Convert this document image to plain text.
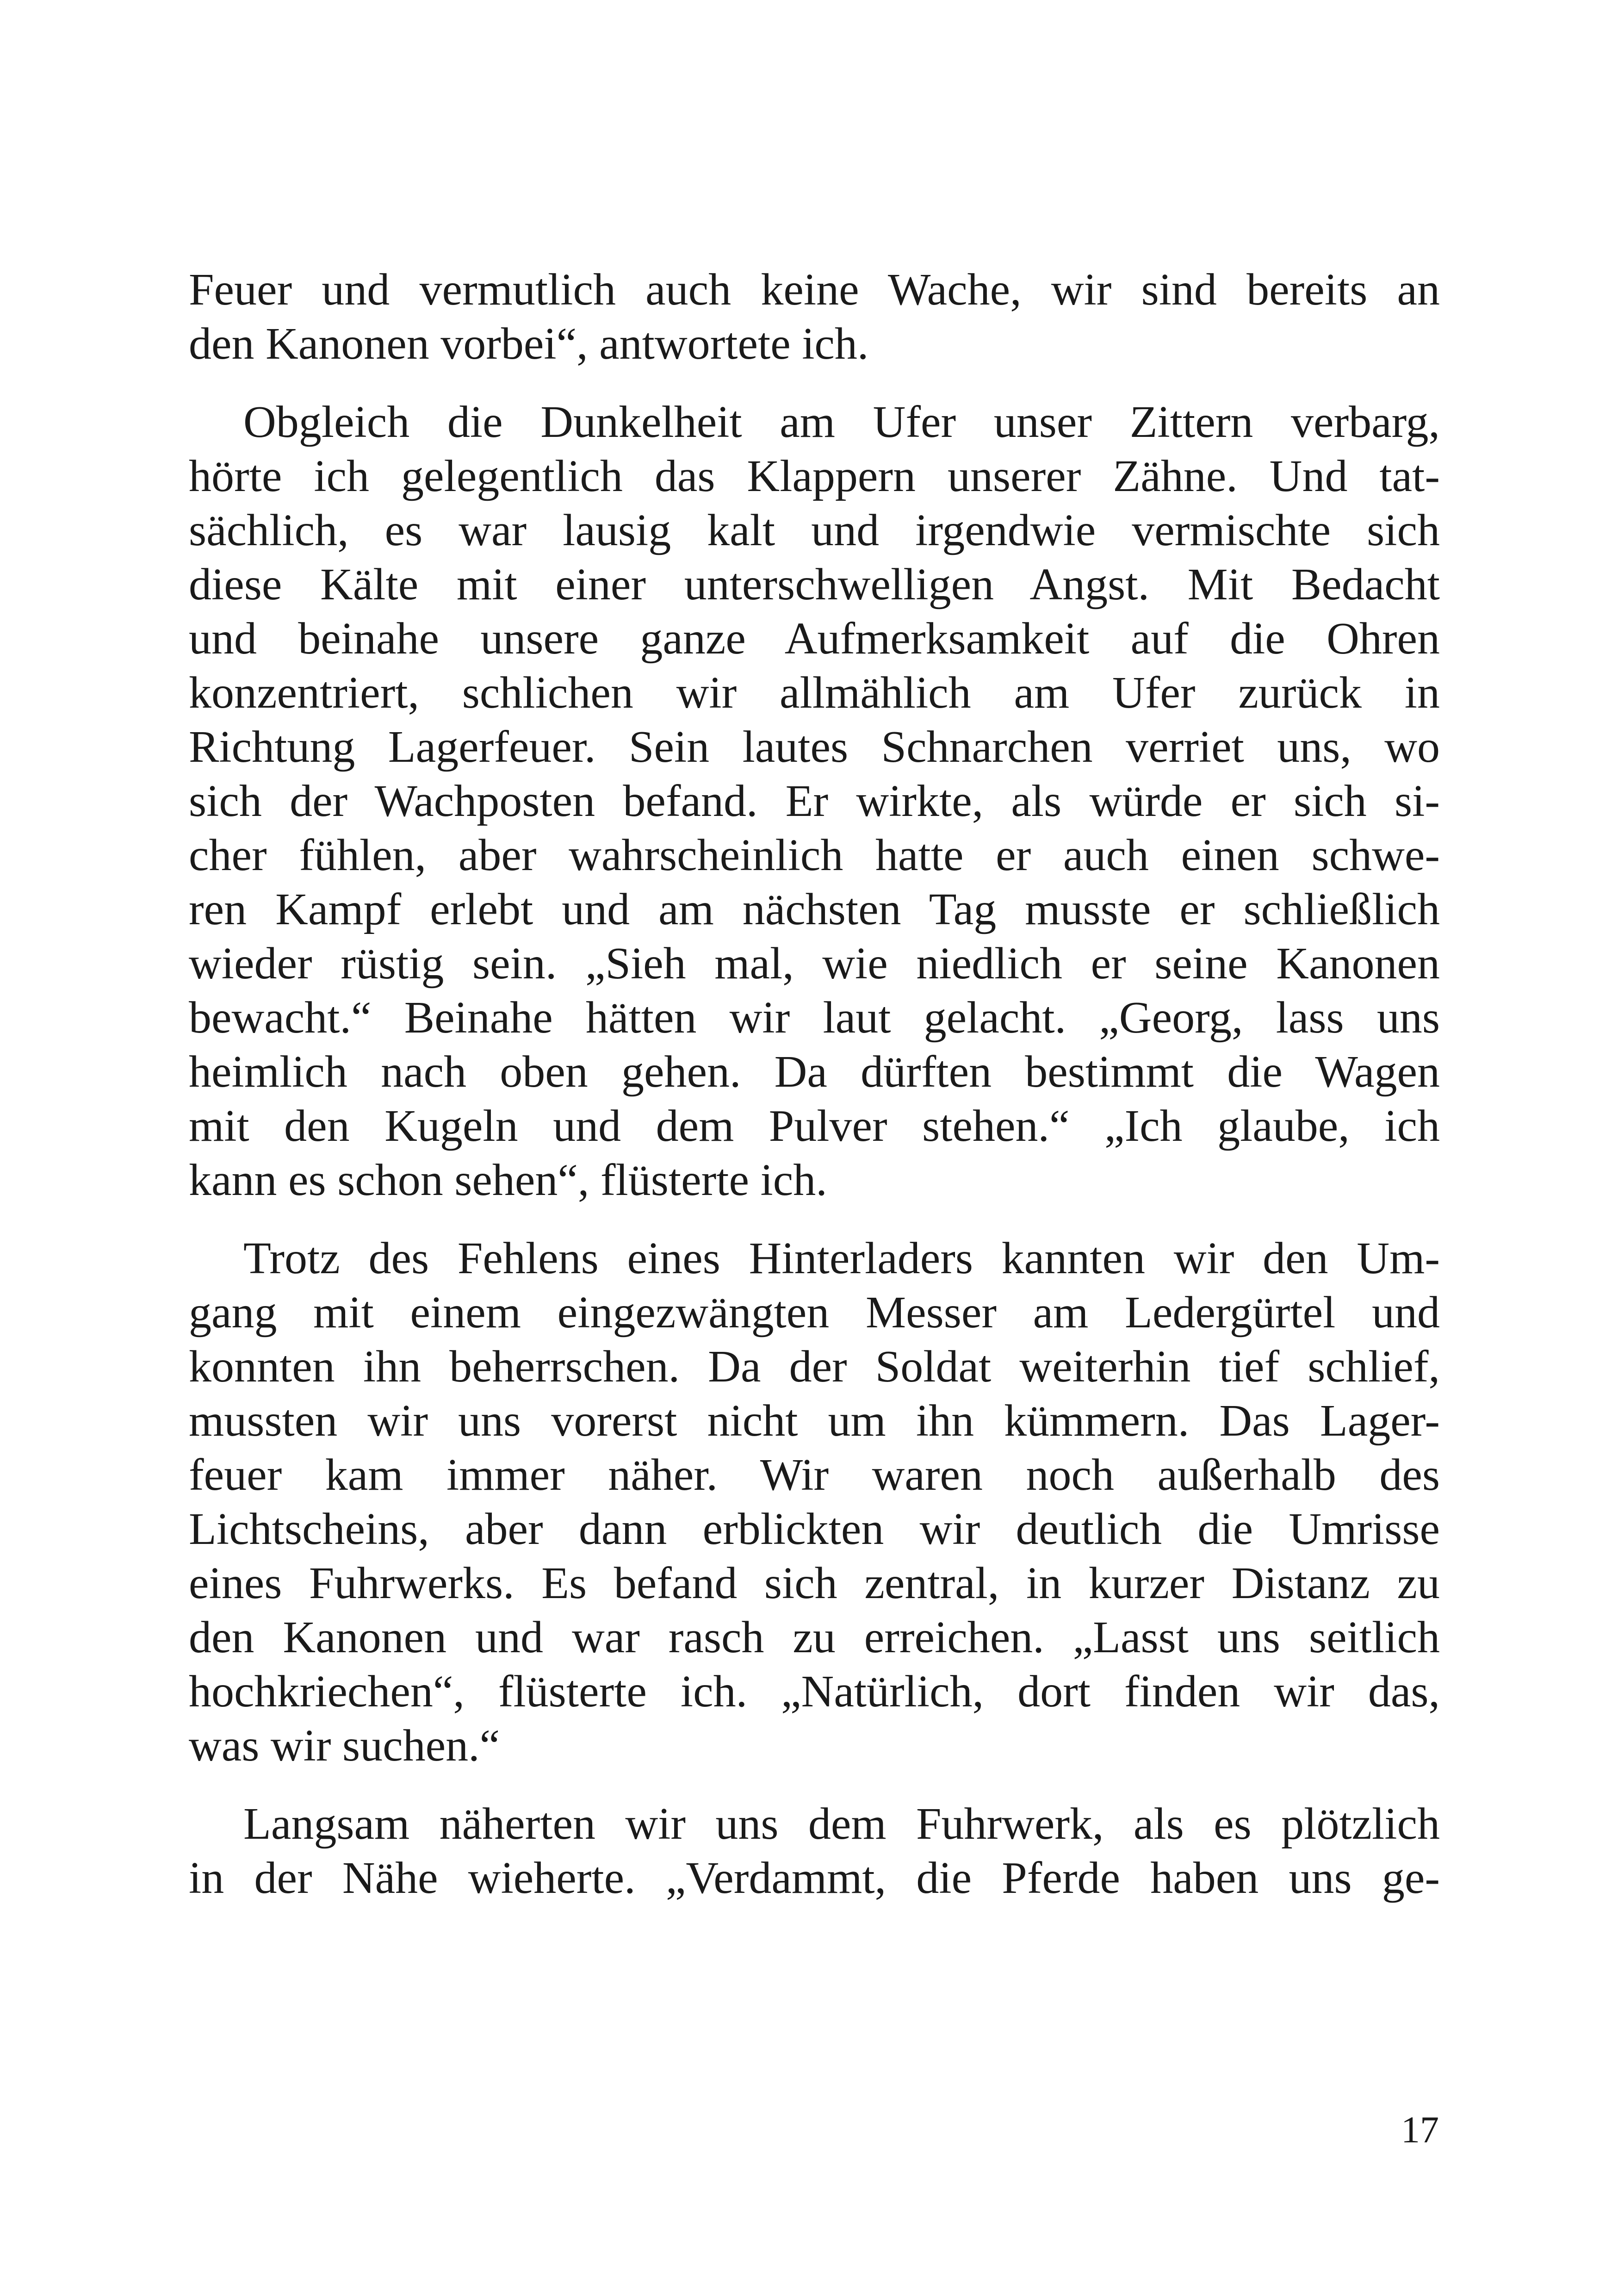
Feuer und vermutlich auch keine Wache, wir sind bereits an
den Kanonen vorbei“, antwortete ich.

Obgleich die Dunkelheit am Ufer unser Zittern verbarg,
hörte ich gelegentlich das Klappern unserer Zähne. Und tat-
sächlich, es war lausig kalt und irgendwie vermischte sich
diese Kälte mit einer unterschwelligen Angst. Mit Bedacht
und beinahe unsere ganze Aufmerksamkeit auf die Ohren
konzentriert, schlichen wir allmählich am Ufer zurück in
Richtung Lagerfeuer. Sein lautes Schnarchen verriet uns, wo
sich der Wachposten befand. Er wirkte, als würde er sich si-
cher fühlen, aber wahrscheinlich hatte er auch einen schwe-
ren Kampf erlebt und am nächsten Tag musste er schließlich
wieder rüstig sein. „Sieh mal, wie niedlich er seine Kanonen
bewacht.“ Beinahe hätten wir laut gelacht. „Georg, lass uns
heimlich nach oben gehen. Da dürften bestimmt die Wagen
mit den Kugeln und dem Pulver stehen.“ „Ich glaube, ich
kann es schon sehen“, flüsterte ich.

Trotz des Fehlens eines Hinterladers kannten wir den Um-
gang mit einem eingezwängten Messer am Ledergürtel und
konnten ihn beherrschen. Da der Soldat weiterhin tief schlief,
mussten wir uns vorerst nicht um ihn kümmern. Das Lager-
feuer kam immer näher. Wir waren noch außerhalb des
Lichtscheins, aber dann erblickten wir deutlich die Umrisse
eines Fuhrwerks. Es befand sich zentral, in kurzer Distanz zu
den Kanonen und war rasch zu erreichen. „Lasst uns seitlich
hochkriechen“, flüsterte ich. „Natürlich, dort finden wir das,
was wir suchen.“

Langsam näherten wir uns dem Fuhrwerk, als es plötzlich
in der Nähe wieherte. „Verdammt, die Pferde haben uns ge-

17
